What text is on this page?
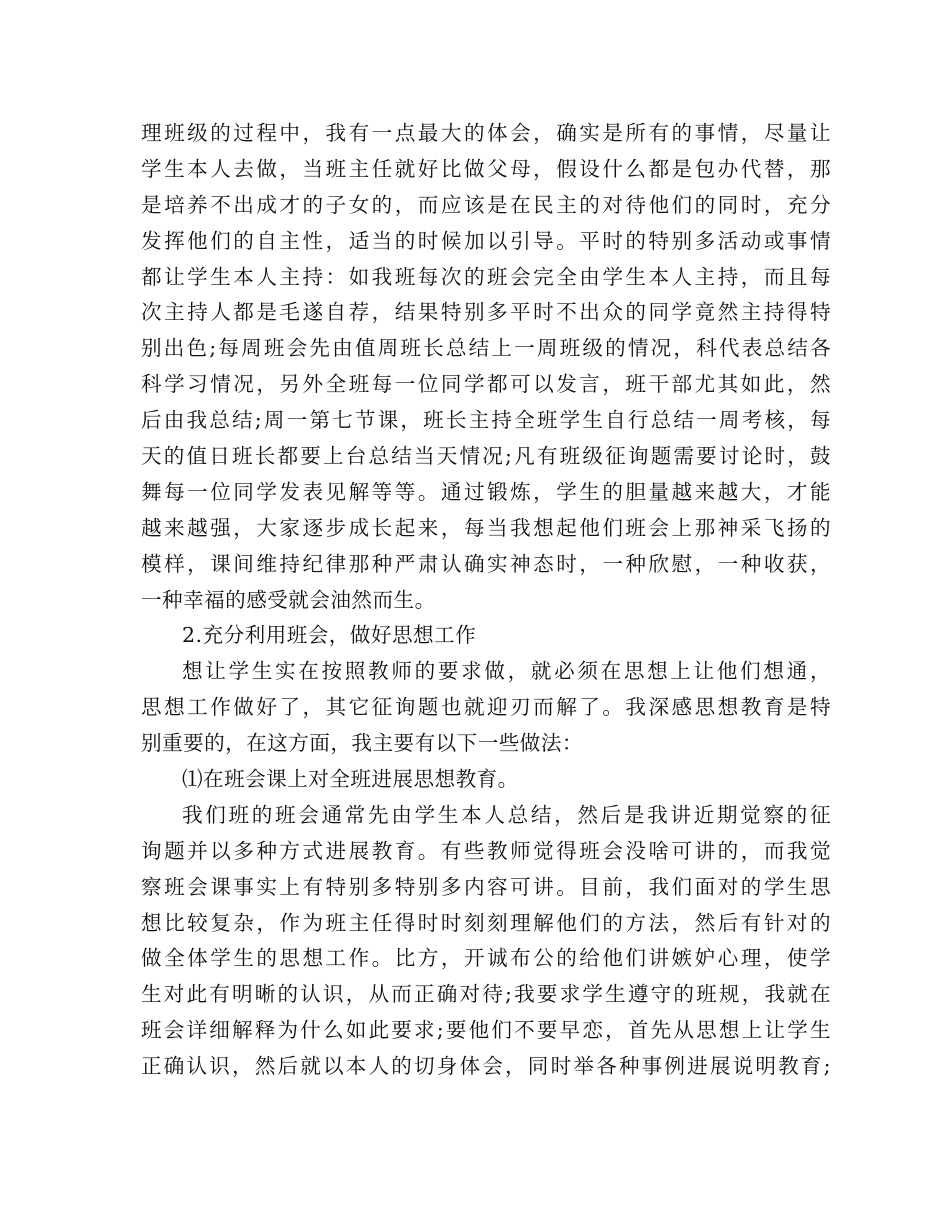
理班级的过程中，我有一点最大的体会，确实是所有的事情，尽量让
学生本人去做，当班主任就好比做父母，假设什么都是包办代替，那
是培养不出成才的子女的，而应该是在民主的对待他们的同时，充分
发挥他们的自主性，适当的时候加以引导。平时的特别多活动或事情
都让学生本人主持：如我班每次的班会完全由学生本人主持，而且每
次主持人都是毛遂自荐，结果特别多平时不出众的同学竟然主持得特
别出色;每周班会先由值周班长总结上一周班级的情况，科代表总结各
科学习情况，另外全班每一位同学都可以发言，班干部尤其如此，然
后由我总结;周一第七节课，班长主持全班学生自行总结一周考核，每
天的值日班长都要上台总结当天情况;凡有班级征询题需要讨论时，鼓
舞每一位同学发表见解等等。通过锻炼，学生的胆量越来越大，才能
越来越强，大家逐步成长起来，每当我想起他们班会上那神采飞扬的
模样，课间维持纪律那种严肃认确实神态时，一种欣慰，一种收获，
一种幸福的感受就会油然而生。
2.充分利用班会，做好思想工作
想让学生实在按照教师的要求做，就必须在思想上让他们想通，
思想工作做好了，其它征询题也就迎刃而解了。我深感思想教育是特
别重要的，在这方面，我主要有以下一些做法：
⑴在班会课上对全班进展思想教育。
我们班的班会通常先由学生本人总结，然后是我讲近期觉察的征
询题并以多种方式进展教育。有些教师觉得班会没啥可讲的，而我觉
察班会课事实上有特别多特别多内容可讲。目前，我们面对的学生思
想比较复杂，作为班主任得时时刻刻理解他们的方法，然后有针对的
做全体学生的思想工作。比方，开诚布公的给他们讲嫉妒心理，使学
生对此有明晰的认识，从而正确对待;我要求学生遵守的班规，我就在
班会详细解释为什么如此要求;要他们不要早恋，首先从思想上让学生
正确认识，然后就以本人的切身体会，同时举各种事例进展说明教育;
